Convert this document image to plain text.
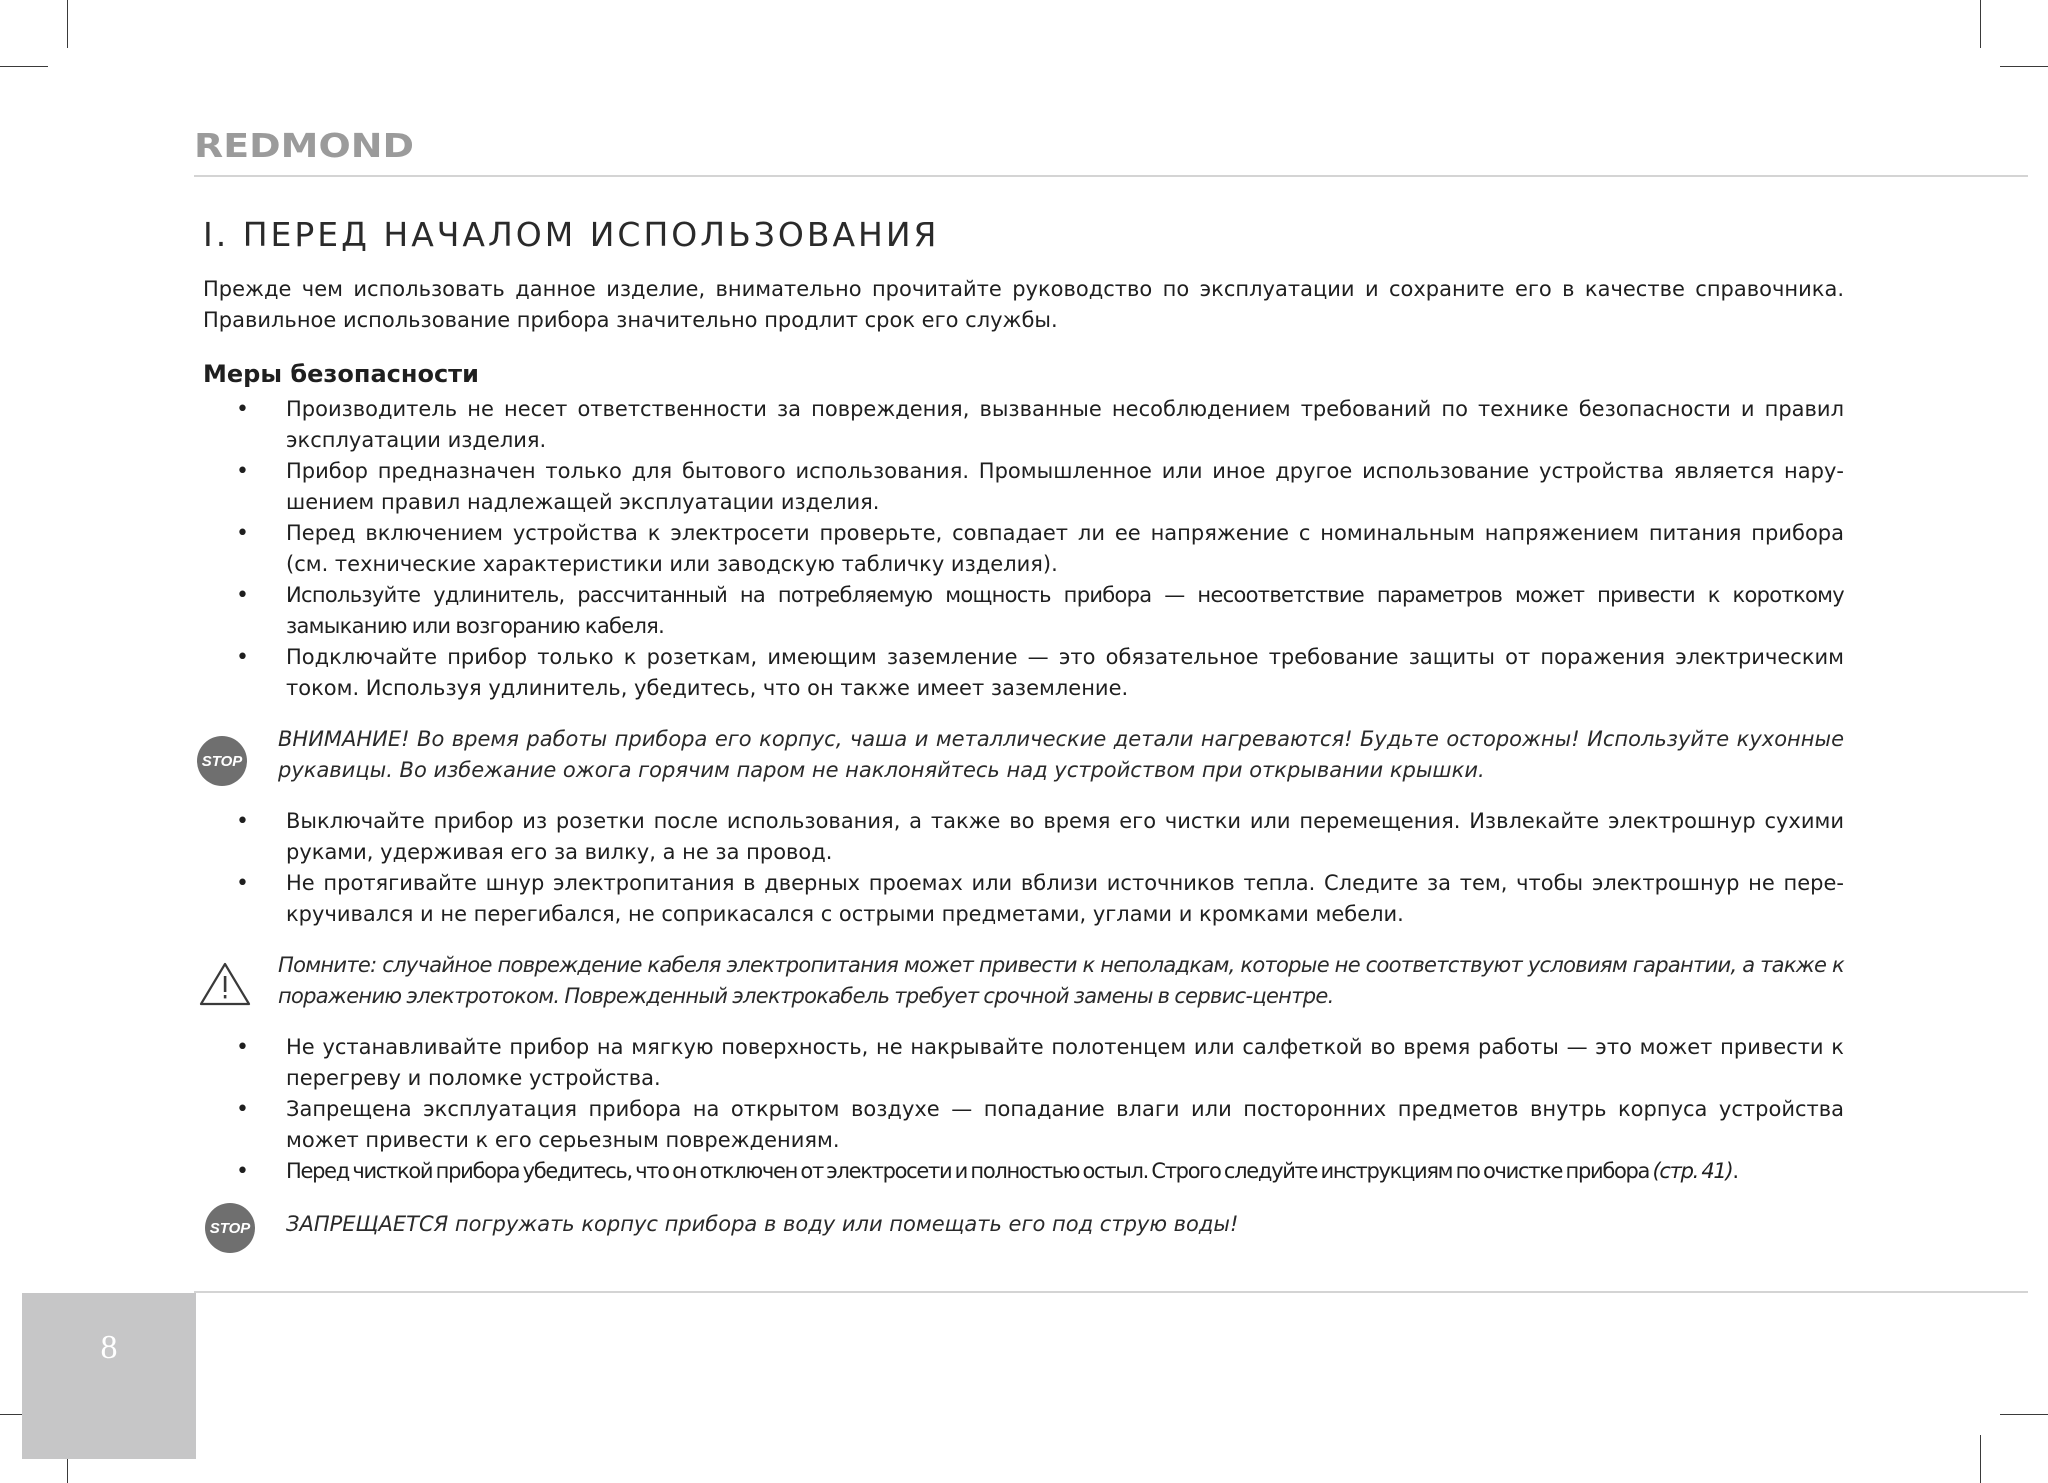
REDMOND
I. ПЕРЕД НАЧАЛОМ ИСПОЛЬЗОВАНИЯ

Прежде чем использовать данное изделие, внимательно прочитайте руководство по эксплуатации и сохраните его в качестве справочника. Правильное использование прибора значительно продлит срок его службы.

Меры безопасности
• Производитель не несет ответственности за повреждения, вызванные несоблюдением требований по технике безопасности и правил эксплуатации изделия.
• Прибор предназначен только для бытового использования. Промышленное или иное другое использование устройства является нарушением правил надлежащей эксплуатации изделия.
• Перед включением устройства к электросети проверьте, совпадает ли ее напряжение с номинальным напряжением питания прибора (см. технические характеристики или заводскую табличку изделия).
• Используйте удлинитель, рассчитанный на потребляемую мощность прибора — несоответствие параметров может привести к короткому замыканию или возгоранию кабеля.
• Подключайте прибор только к розеткам, имеющим заземление — это обязательное требование защиты от поражения электрическим током. Используя удлинитель, убедитесь, что он также имеет заземление.
STOP
ВНИМАНИЕ! Во время работы прибора его корпус, чаша и металлические детали нагреваются! Будьте осторожны! Используйте кухонные рукавицы. Во избежание ожога горячим паром не наклоняйтесь над устройством при открывании крышки.
• Выключайте прибор из розетки после использования, а также во время его чистки или перемещения. Извлекайте электрошнур сухими руками, удерживая его за вилку, а не за провод.
• Не протягивайте шнур электропитания в дверных проемах или вблизи источников тепла. Следите за тем, чтобы электрошнур не перекручивался и не перегибался, не соприкасался с острыми предметами, углами и кромками мебели.
Помните: случайное повреждение кабеля электропитания может привести к неполадкам, которые не соответствуют условиям гарантии, а также к поражению электротоком. Поврежденный электрокабель требует срочной замены в сервис-центре.
• Не устанавливайте прибор на мягкую поверхность, не накрывайте полотенцем или салфеткой во время работы — это может привести к перегреву и поломке устройства.
• Запрещена эксплуатация прибора на открытом воздухе — попадание влаги или посторонних предметов внутрь корпуса устройства может привести к его серьезным повреждениям.
• Перед чисткой прибора убедитесь, что он отключен от электросети и полностью остыл. Строго следуйте инструкциям по очистке прибора (стр. 41).
STOP ЗАПРЕЩАЕТСЯ погружать корпус прибора в воду или помещать его под струю воды!
8
